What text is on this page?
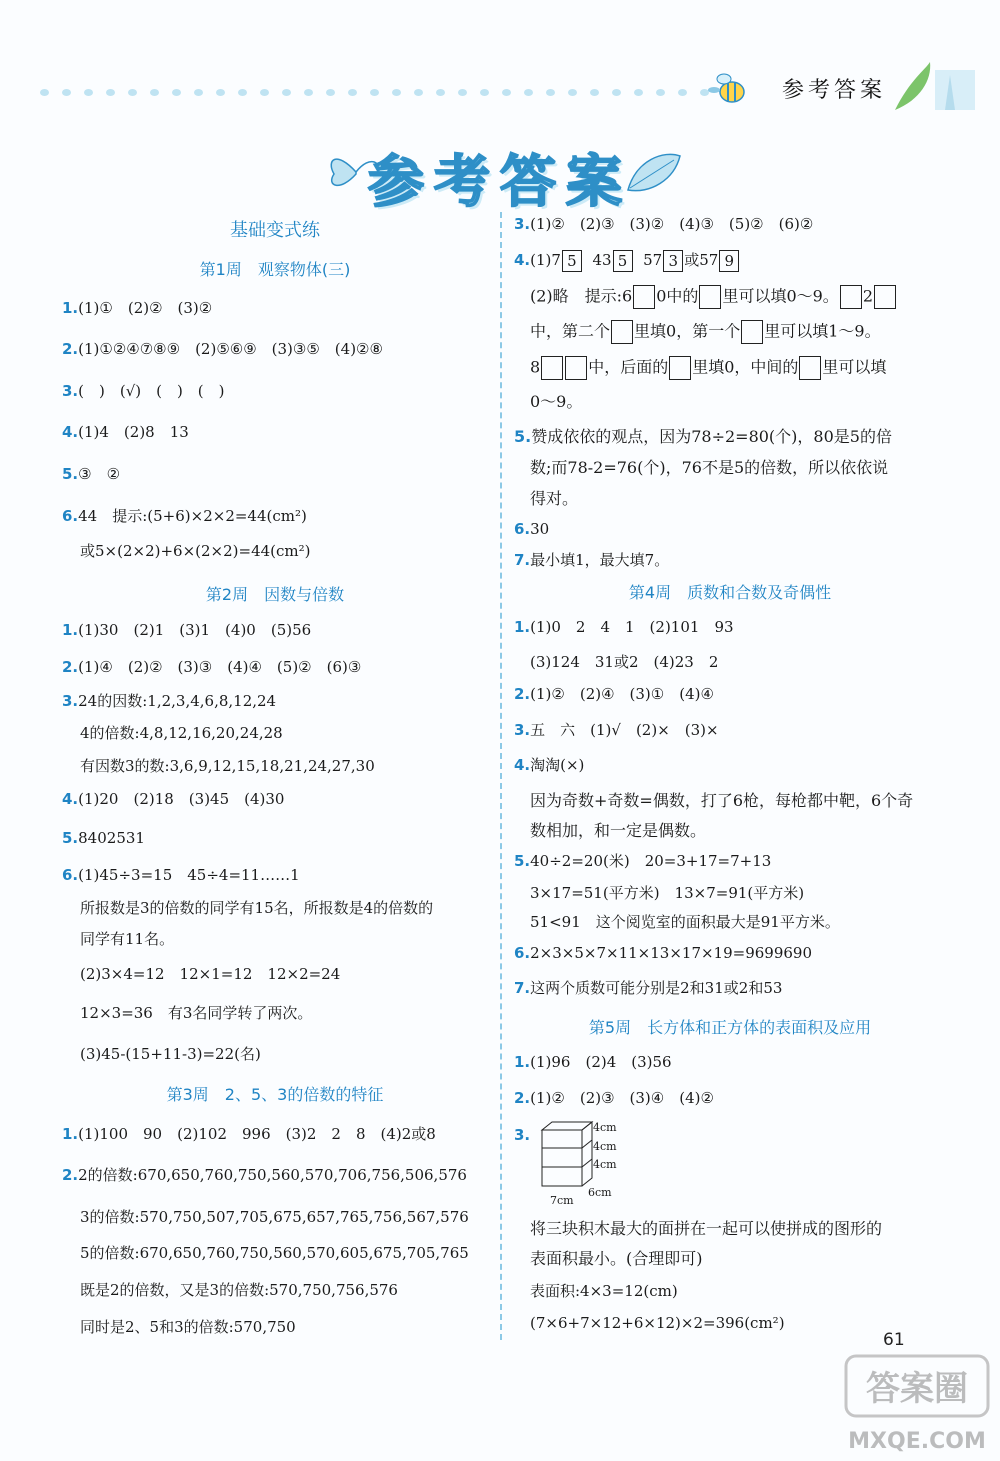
参考答案
参考答案
基础变式练
第1周　观察物体(三)
1.(1)①　(2)②　(3)②
2.(1)①②④⑦⑧⑨　(2)⑤⑥⑨　(3)③⑤　(4)②⑧
3.(　)　(√)　(　)　(　)
4.(1)4　(2)8　13
5.③　②
6.44　提示:(5+6)×2×2=44(cm²)
或5×(2×2)+6×(2×2)=44(cm²)
第2周　因数与倍数
1.(1)30　(2)1　(3)1　(4)0　(5)56
2.(1)④　(2)②　(3)③　(4)④　(5)②　(6)③
3.24的因数:1,2,3,4,6,8,12,24
4的倍数:4,8,12,16,20,24,28
有因数3的数:3,6,9,12,15,18,21,24,27,30
4.(1)20　(2)18　(3)45　(4)30
5.8402531
6.(1)45÷3=15　45÷4=11……1
所报数是3的倍数的同学有15名，所报数是4的倍数的
同学有11名。
(2)3×4=12　12×1=12　12×2=24
12×3=36　有3名同学转了两次。
(3)45-(15+11-3)=22(名)
第3周　2、5、3的倍数的特征
1.(1)100　90　(2)102　996　(3)2　2　8　(4)2或8
2.2的倍数:670,650,760,750,560,570,706,756,506,576
3的倍数:570,750,507,705,675,657,765,756,567,576
5的倍数:670,650,760,750,560,570,605,675,705,765
既是2的倍数，又是3的倍数:570,750,756,576
同时是2、5和3的倍数:570,750
3.(1)②　(2)③　(3)②　(4)③　(5)②　(6)②
4.(1)7 5 43 5 57 3 或57 9
(2)略　提示:6 0中的 里可以填0～9。 2
中，第二个 里填0，第一个 里可以填1～9。
8	中，后面的 里填0，中间的 里可以填
0～9。
5.赞成依依的观点，因为78÷2=80(个)，80是5的倍
数;而78-2=76(个)，76不是5的倍数，所以依依说
得对。
6.30
7.最小填1，最大填7。
第4周　质数和合数及奇偶性
1.(1)0　2　4　1　(2)101　93
(3)124　31或2　(4)23　2
2.(1)②　(2)④　(3)①　(4)④
3.五　六　(1)√　(2)×　(3)×
4.淘淘(×)
因为奇数+奇数=偶数，打了6枪，每枪都中靶，6个奇
数相加，和一定是偶数。
5.40÷2=20(米)　20=3+17=7+13
3×17=51(平方米)　13×7=91(平方米)
51<91　这个阅览室的面积最大是91平方米。
6.2×3×5×7×11×13×17×19=9699690
7.这两个质数可能分别是2和31或2和53
第5周　长方体和正方体的表面积及应用
1.(1)96　(2)4　(3)56
2.(1)②　(2)③　(3)④　(4)②
3.	4cm
4cm
4cm
7cm
6cm
将三块积木最大的面拼在一起可以使拼成的图形的
表面积最小。(合理即可)
表面积:4×3=12(cm)
(7×6+7×12+6×12)×2=396(cm²)
61
答案圈
MXQE.COM
